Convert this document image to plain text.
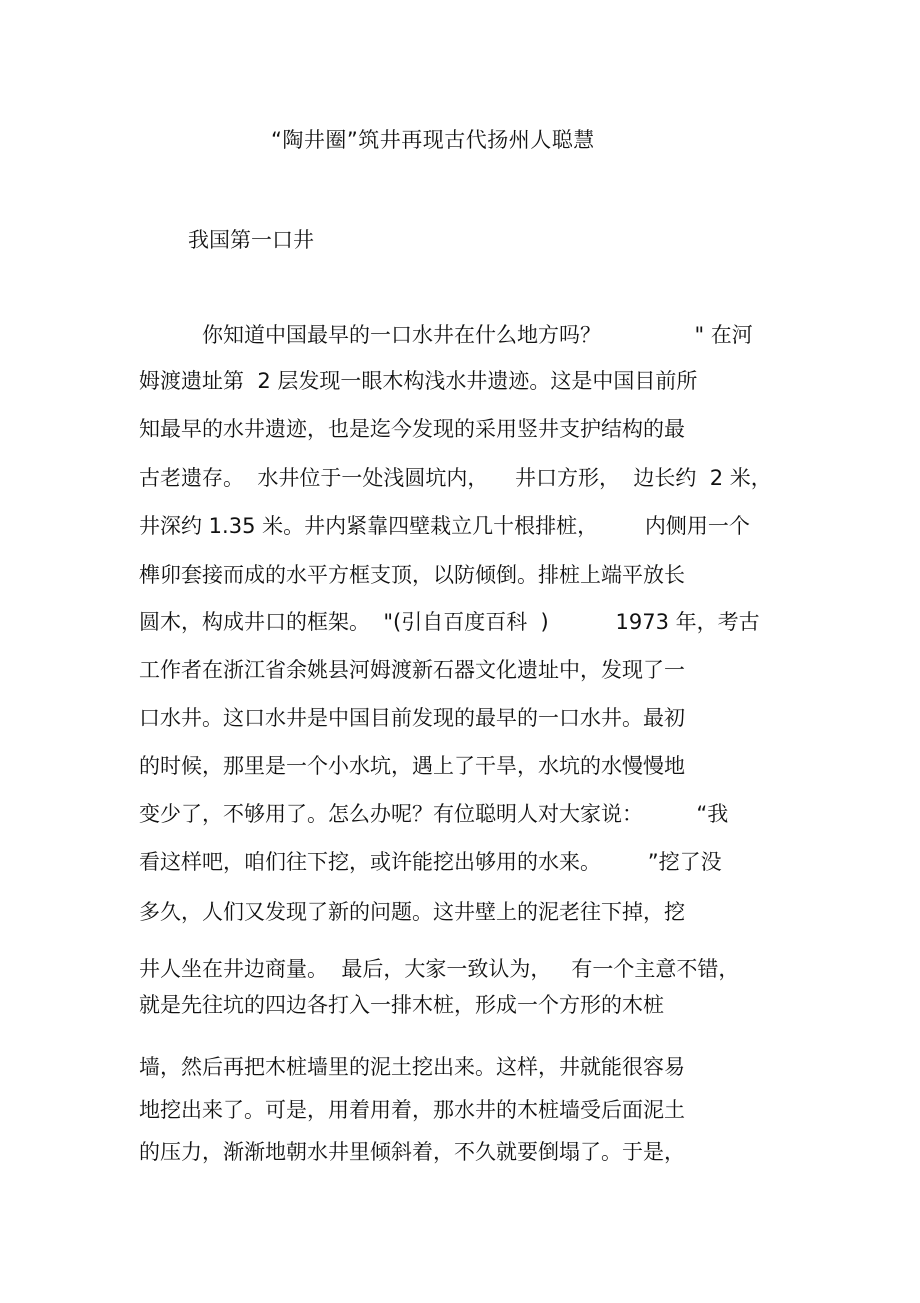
“陶井圈”筑井再现古代扬州人聪慧
我国第一口井
你知道中国最早的一口水井在什么地方吗？              " 在河
姆渡遗址第  2 层发现一眼木构浅水井遗迹。这是中国目前所
知最早的水井遗迹，也是迄今发现的采用竖井支护结构的最
古老遗存。  水井位于一处浅圆坑内，    井口方形，  边长约  2 米，
井深约 1.35 米。井内紧靠四壁栽立几十根排桩，       内侧用一个
榫卯套接而成的水平方框支顶，以防倾倒。排桩上端平放长
圆木，构成井口的框架。  "(引自百度百科  )          1973 年，考古
工作者在浙江省余姚县河姆渡新石器文化遗址中，发现了一
口水井。这口水井是中国目前发现的最早的一口水井。最初
的时候，那里是一个小水坑，遇上了干旱，水坑的水慢慢地
变少了，不够用了。怎么办呢？有位聪明人对大家说：        “我
看这样吧，咱们往下挖，或许能挖出够用的水来。       ”挖了没
多久，人们又发现了新的问题。这井壁上的泥老往下掉，挖
井人坐在井边商量。  最后，大家一致认为，   有一个主意不错，
就是先往坑的四边各打入一排木桩，形成一个方形的木桩
墙，然后再把木桩墙里的泥土挖出来。这样，井就能很容易
地挖出来了。可是，用着用着，那水井的木桩墙受后面泥土
的压力，渐渐地朝水井里倾斜着，不久就要倒塌了。于是，
